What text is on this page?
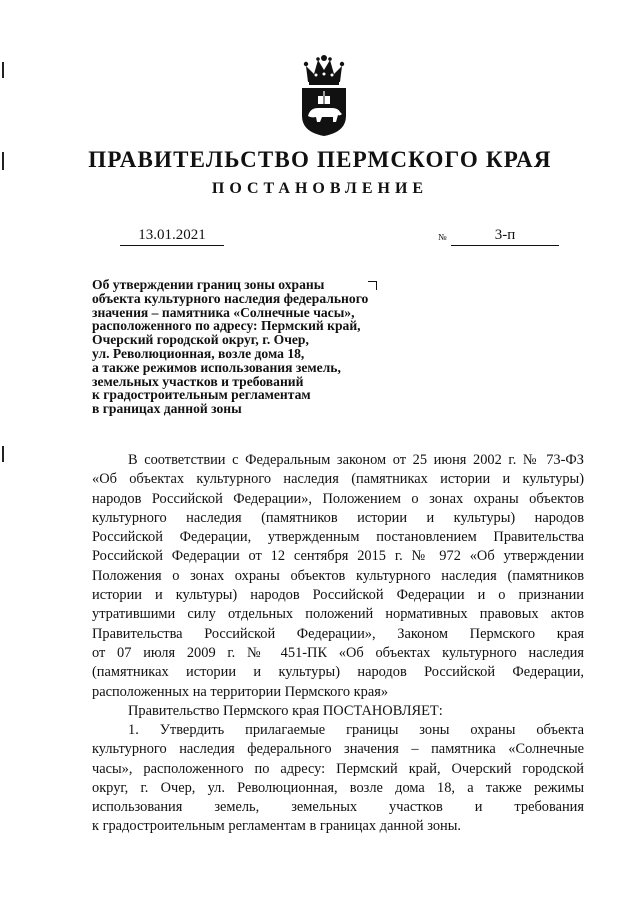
ПРАВИТЕЛЬСТВО ПЕРМСКОГО КРАЯ
ПОСТАНОВЛЕНИЕ
13.01.2021	№	3-п
Об утверждении границ зоны охраны
объекта культурного наследия федерального
значения – памятника «Солнечные часы»,
расположенного по адресу: Пермский край,
Очерский городской округ, г. Очер,
ул. Революционная, возле дома 18,
а также режимов использования земель,
земельных участков и требований
к градостроительным регламентам
в границах данной зоны
В соответствии с Федеральным законом от 25 июня 2002 г. № 73-ФЗ
«Об объектах культурного наследия (памятниках истории и культуры)
народов Российской Федерации», Положением о зонах охраны объектов
культурного наследия (памятников истории и культуры) народов
Российской Федерации, утвержденным постановлением Правительства
Российской Федерации от 12 сентября 2015 г. № 972 «Об утверждении
Положения о зонах охраны объектов культурного наследия (памятников
истории и культуры) народов Российской Федерации и о признании
утратившими силу отдельных положений нормативных правовых актов
Правительства Российской Федерации», Законом Пермского края
от 07 июля 2009 г. № 451-ПК «Об объектах культурного наследия
(памятниках истории и культуры) народов Российской Федерации,
расположенных на территории Пермского края»
Правительство Пермского края ПОСТАНОВЛЯЕТ:
1. Утвердить прилагаемые границы зоны охраны объекта
культурного наследия федерального значения – памятника «Солнечные
часы», расположенного по адресу: Пермский край, Очерский городской
округ, г. Очер, ул. Революционная, возле дома 18, а также режимы
использования земель, земельных участков и требования
к градостроительным регламентам в границах данной зоны.
